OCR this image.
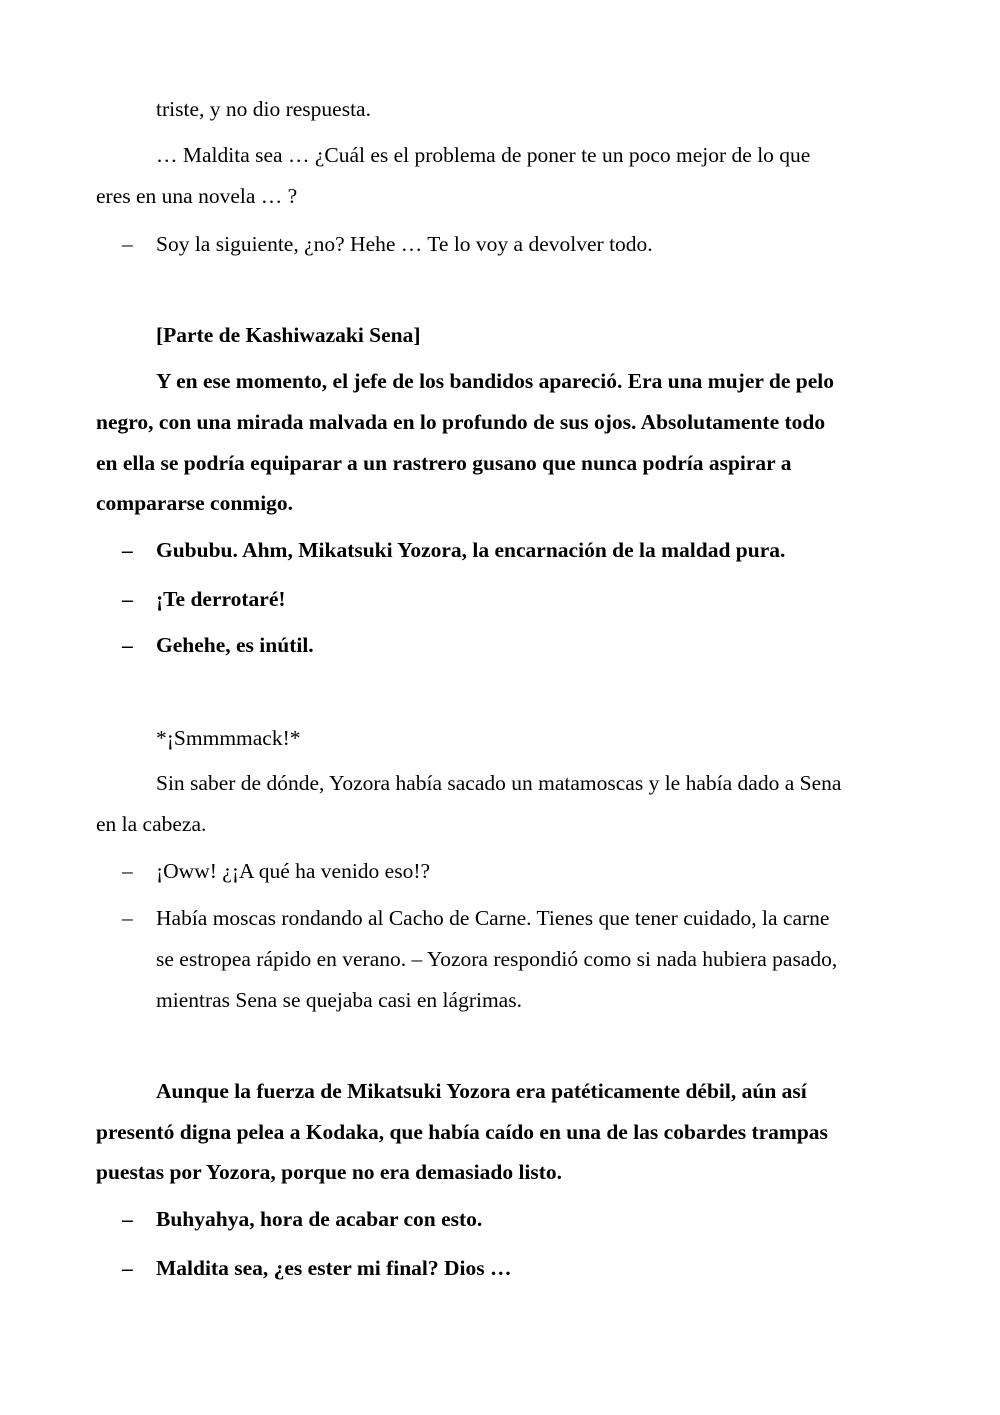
triste, y no dio respuesta.
… Maldita sea … ¿Cuál es el problema de poner te un poco mejor de lo que
eres en una novela … ?
– Soy la siguiente, ¿no? Hehe … Te lo voy a devolver todo.
[Parte de Kashiwazaki Sena]
Y en ese momento, el jefe de los bandidos apareció. Era una mujer de pelo
negro, con una mirada malvada en lo profundo de sus ojos. Absolutamente todo
en ella se podría equiparar a un rastrero gusano que nunca podría aspirar a
compararse conmigo.
– Gububu. Ahm, Mikatsuki Yozora, la encarnación de la maldad pura.
– ¡Te derrotaré!
– Gehehe, es inútil.
*¡Smmmmack!*
Sin saber de dónde, Yozora había sacado un matamoscas y le había dado a Sena
en la cabeza.
– ¡Oww! ¿¡A qué ha venido eso!?
– Había moscas rondando al Cacho de Carne. Tienes que tener cuidado, la carne
se estropea rápido en verano. – Yozora respondió como si nada hubiera pasado,
mientras Sena se quejaba casi en lágrimas.
Aunque la fuerza de Mikatsuki Yozora era patéticamente débil, aún así
presentó digna pelea a Kodaka, que había caído en una de las cobardes trampas
puestas por Yozora, porque no era demasiado listo.
– Buhyahya, hora de acabar con esto.
– Maldita sea, ¿es ester mi final? Dios …
